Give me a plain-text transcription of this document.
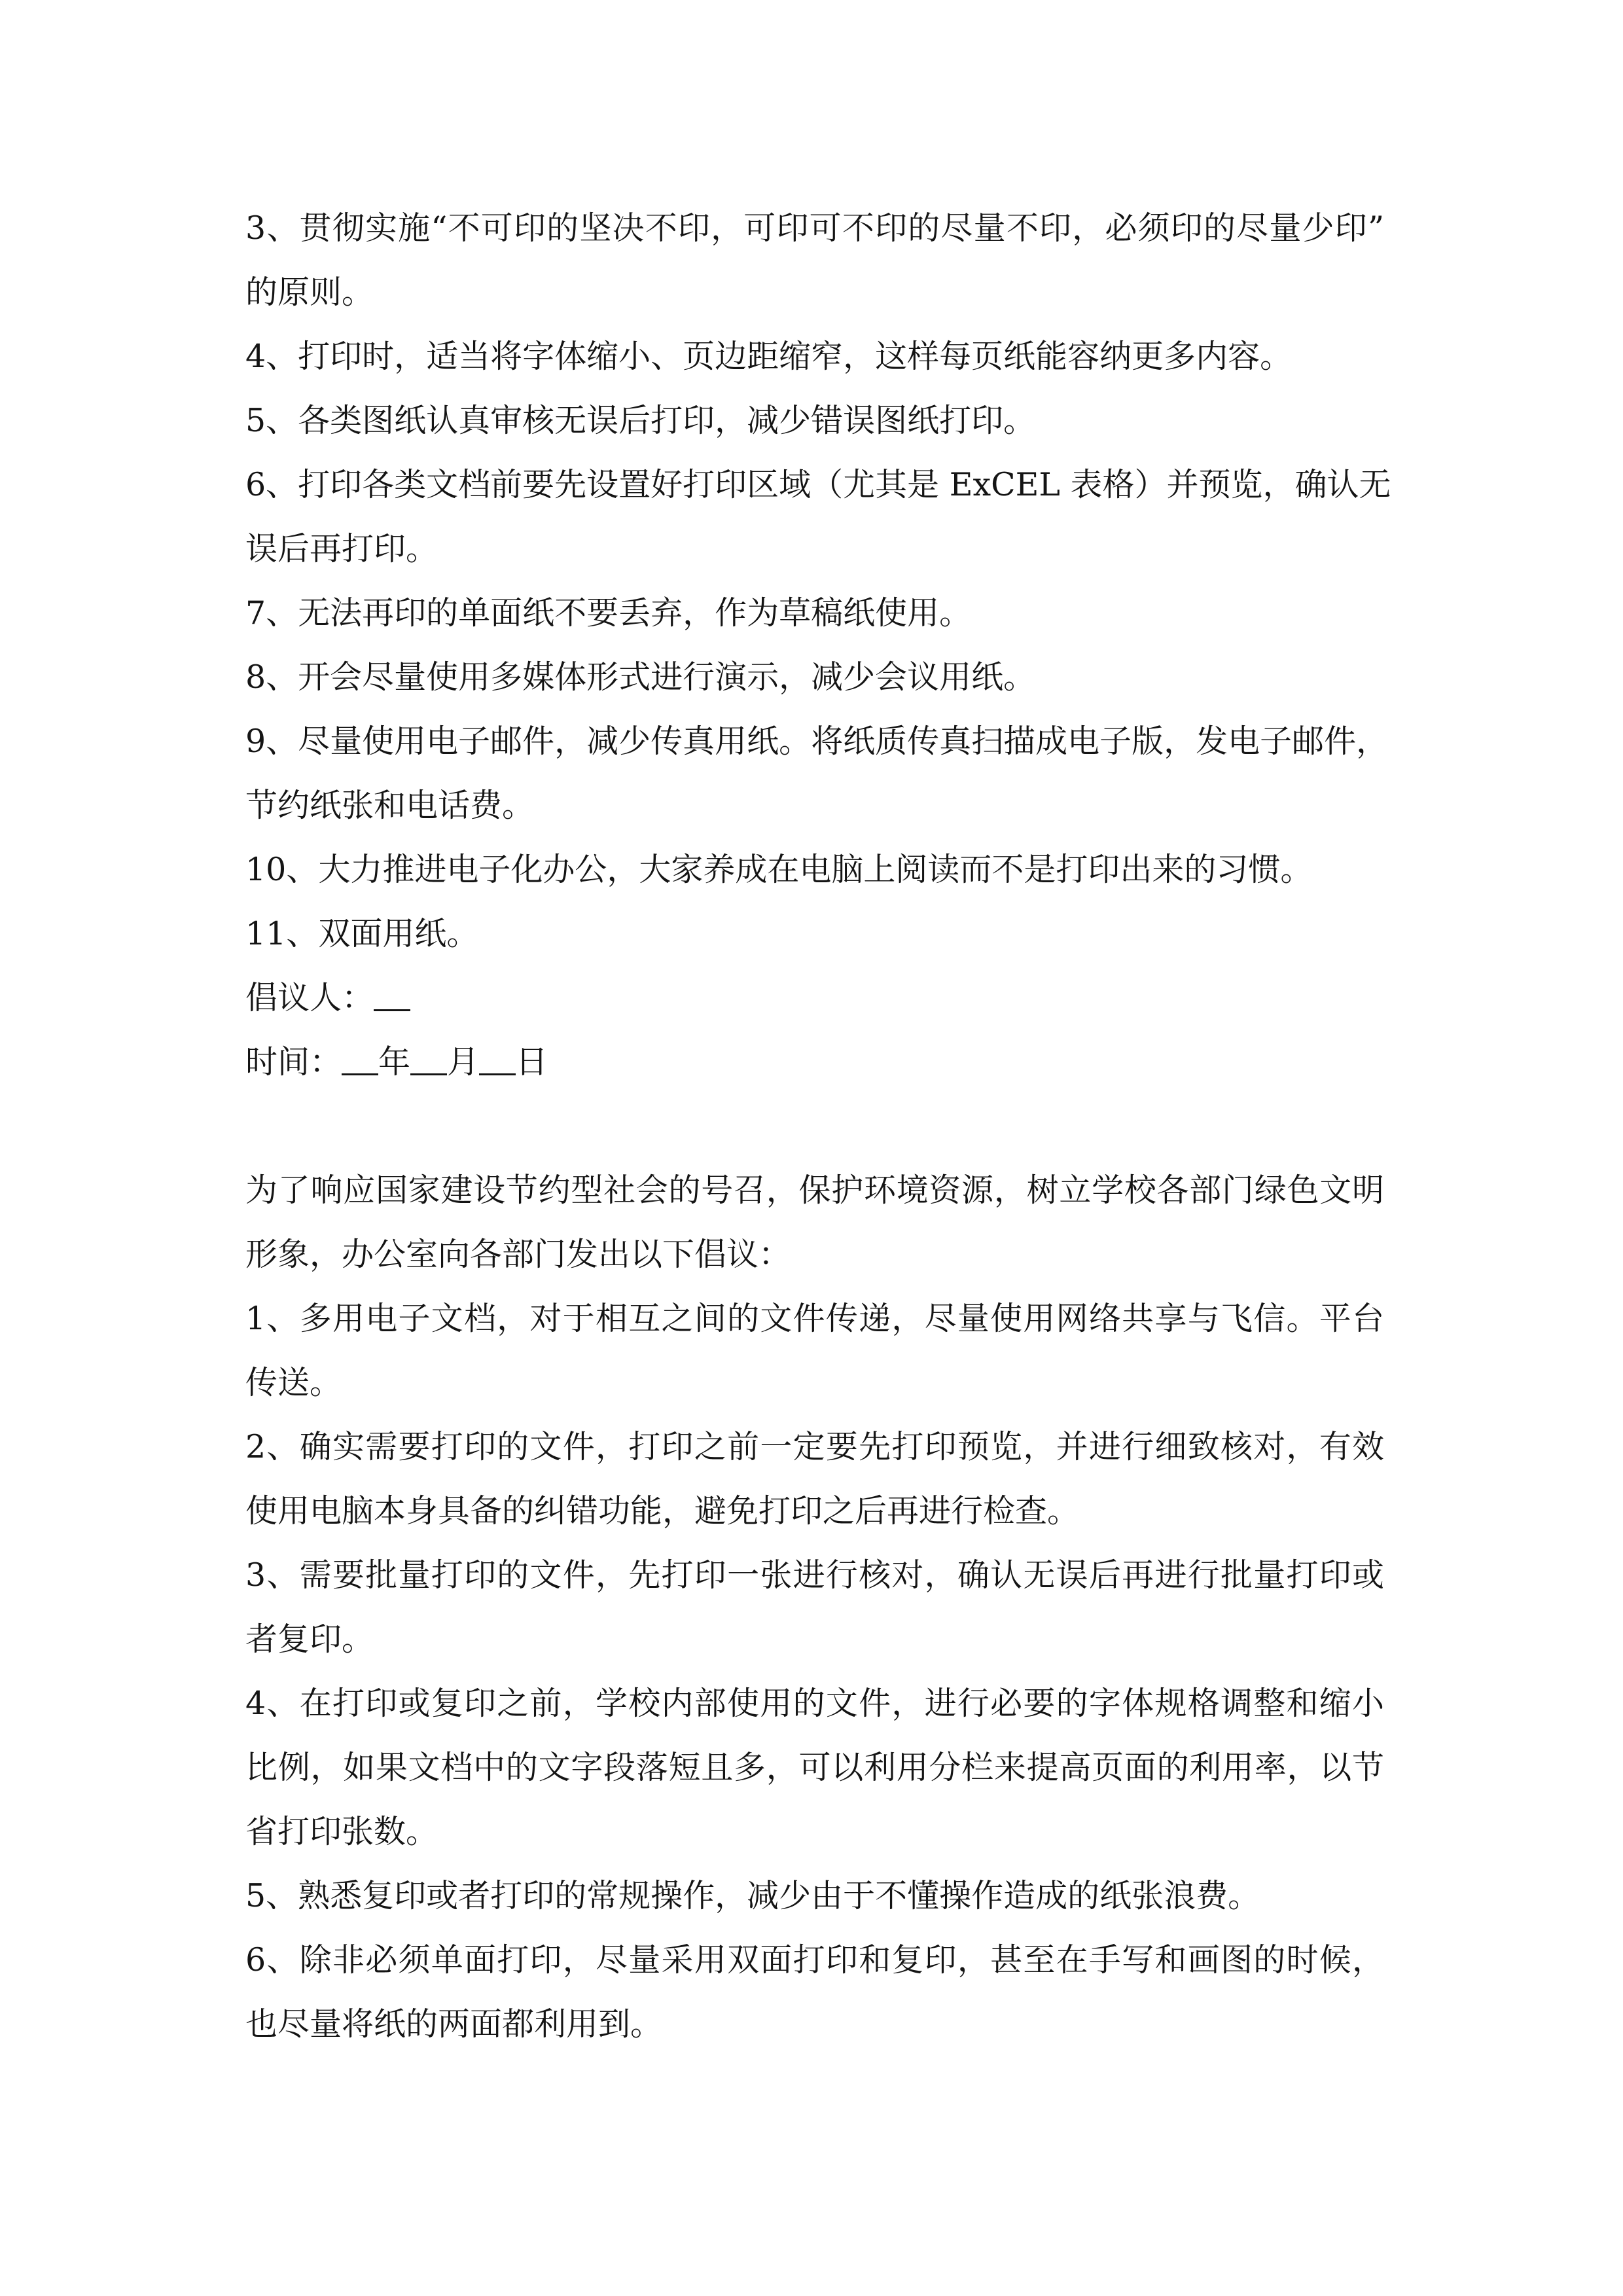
3、贯彻实施“不可印的坚决不印，可印可不印的尽量不印，必须印的尽量少印”
的原则。
4、打印时，适当将字体缩小、页边距缩窄，这样每页纸能容纳更多内容。
5、各类图纸认真审核无误后打印，减少错误图纸打印。
6、打印各类文档前要先设置好打印区域（尤其是 ExCEL 表格）并预览，确认无
误后再打印。
7、无法再印的单面纸不要丢弃，作为草稿纸使用。
8、开会尽量使用多媒体形式进行演示，减少会议用纸。
9、尽量使用电子邮件，减少传真用纸。将纸质传真扫描成电子版，发电子邮件，
节约纸张和电话费。
10、大力推进电子化办公，大家养成在电脑上阅读而不是打印出来的习惯。
11、双面用纸。
倡议人：
时间： 年 月 日
为了响应国家建设节约型社会的号召，保护环境资源，树立学校各部门绿色文明
形象，办公室向各部门发出以下倡议：
1、多用电子文档，对于相互之间的文件传递，尽量使用网络共享与飞信。平台
传送。
2、确实需要打印的文件，打印之前一定要先打印预览，并进行细致核对，有效
使用电脑本身具备的纠错功能，避免打印之后再进行检查。
3、需要批量打印的文件，先打印一张进行核对，确认无误后再进行批量打印或
者复印。
4、在打印或复印之前，学校内部使用的文件，进行必要的字体规格调整和缩小
比例，如果文档中的文字段落短且多，可以利用分栏来提高页面的利用率，以节
省打印张数。
5、熟悉复印或者打印的常规操作，减少由于不懂操作造成的纸张浪费。
6、除非必须单面打印，尽量采用双面打印和复印，甚至在手写和画图的时候，
也尽量将纸的两面都利用到。
